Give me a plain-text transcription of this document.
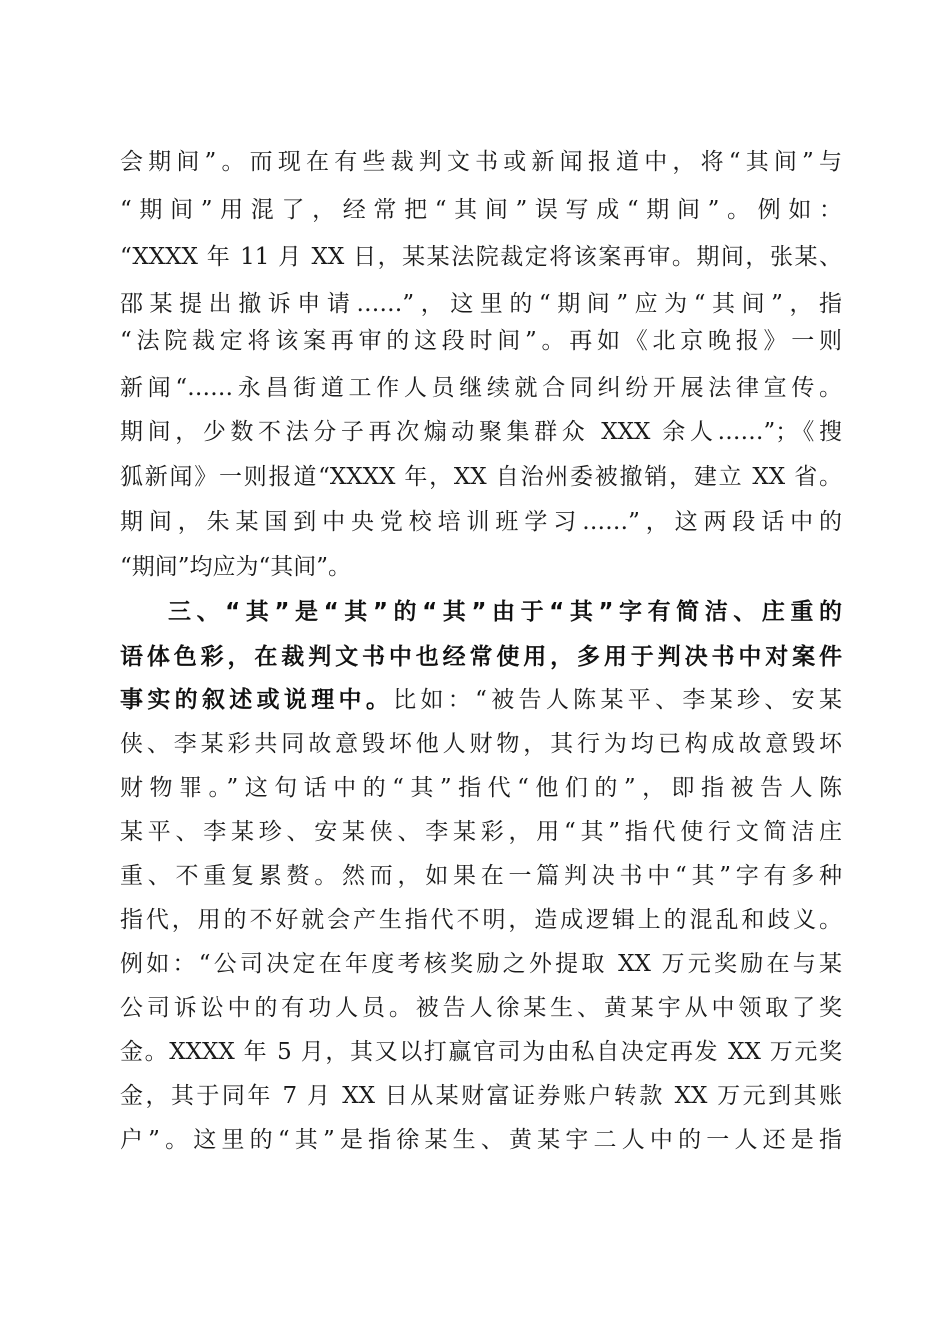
会期间”。而现在有些裁判文书或新闻报道中，将“其间”与
“期间”用混了，经常把“其间”误写成“期间”。例如：
“XXXX 年 11 月 XX 日，某某法院裁定将该案再审。期间，张某、
邵某提出撤诉申请……”，这里的“期间”应为“其间”，指
“法院裁定将该案再审的这段时间”。再如《北京晚报》一则
新闻“……永昌街道工作人员继续就合同纠纷开展法律宣传。
期间，少数不法分子再次煽动聚集群众 XXX 余人……”；《搜
狐新闻》一则报道“XXXX 年，XX 自治州委被撤销，建立 XX 省。
期间，朱某国到中央党校培训班学习……”，这两段话中的
“期间”均应为“其间”。
三、“其”是“其”的“其”由于“其”字有简洁、庄重的
语体色彩，在裁判文书中也经常使用，多用于判决书中对案件
事实的叙述或说理中。比如：“被告人陈某平、李某珍、安某
侠、李某彩共同故意毁坏他人财物，其行为均已构成故意毁坏
财物罪。”这句话中的“其”指代“他们的”，即指被告人陈
某平、李某珍、安某侠、李某彩，用“其”指代使行文简洁庄
重、不重复累赘。然而，如果在一篇判决书中“其”字有多种
指代，用的不好就会产生指代不明，造成逻辑上的混乱和歧义。
例如：“公司决定在年度考核奖励之外提取 XX 万元奖励在与某
公司诉讼中的有功人员。被告人徐某生、黄某宇从中领取了奖
金。XXXX 年 5 月，其又以打赢官司为由私自决定再发 XX 万元奖
金，其于同年 7 月 XX 日从某财富证券账户转款 XX 万元到其账
户”。这里的“其”是指徐某生、黄某宇二人中的一人还是指
